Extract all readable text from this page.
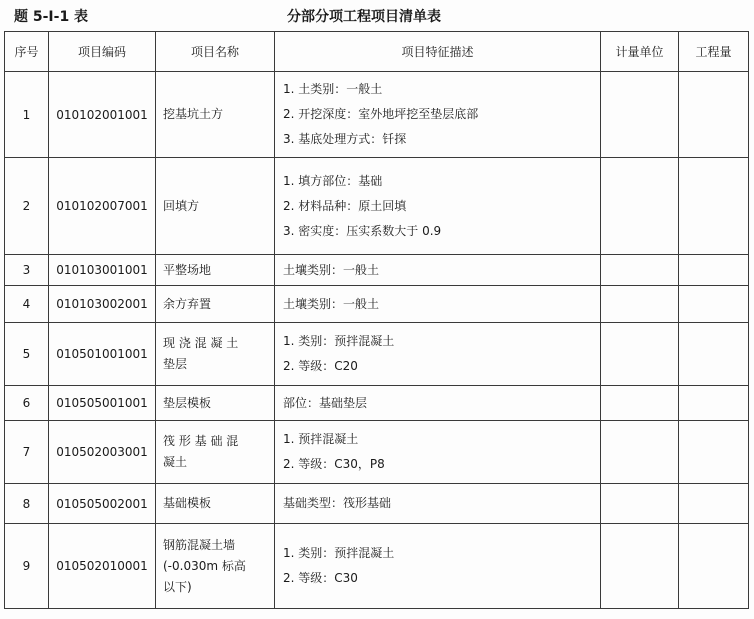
题 5-Ⅰ-1 表	分部分项工程项目清单表
序号	项目编码	项目名称	项目特征描述	计量单位	工程量
1	010102001001	挖基坑土方	1. 土类别：一般土
2. 开挖深度：室外地坪挖至垫层底部
3. 基底处理方式：钎探		

2	010102007001	回填方	1. 填方部位：基础
2. 材料品种：原土回填
3. 密实度：压实系数大于 0.9		

3	010103001001	平整场地	土壤类别：一般土		

4	010103002001	余方弃置	土壤类别：一般土		

5	010501001001	现 浇 混 凝 土
垫层	1. 类别：预拌混凝土
2. 等级：C20		

6	010505001001	垫层模板	部位：基础垫层		

7	010502003001	筏 形 基 础 混
凝土	1. 预拌混凝土
2. 等级：C30，P8		

8	010505002001	基础模板	基础类型：筏形基础		

9	010502010001	钢筋混凝土墙
(-0.030m 标高
以下)	1. 类别：预拌混凝土
2. 等级：C30		
